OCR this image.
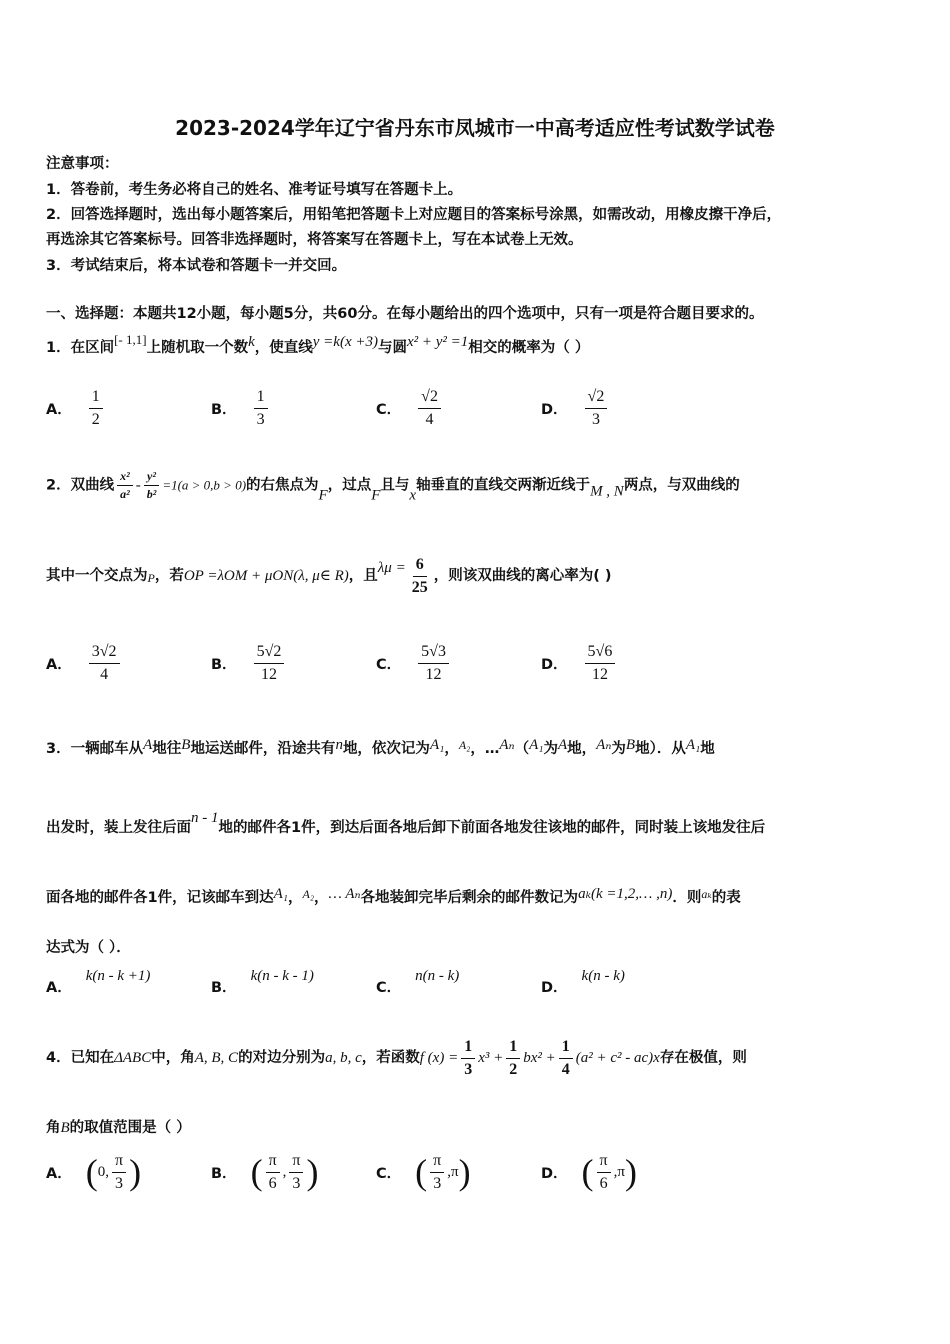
2023-2024学年辽宁省丹东市凤城市一中高考适应性考试数学试卷
注意事项：
1．答卷前，考生务必将自己的姓名、准考证号填写在答题卡上。
2．回答选择题时，选出每小题答案后，用铅笔把答题卡上对应题目的答案标号涂黑，如需改动，用橡皮擦干净后，
再选涂其它答案标号。回答非选择题时，将答案写在答题卡上，写在本试卷上无效。
3．考试结束后，将本试卷和答题卡一并交回。
一、选择题：本题共12小题，每小题5分，共60分。在每小题给出的四个选项中，只有一项是符合题目要求的。
1．在区间[- 1,1]上随机取一个数k，使直线y =k(x +3)与圆x² + y² =1相交的概率为（ ）
A． $\frac{1}{2}$	B． $\frac{1}{3}$	C． $\frac{√2}{4}$	D． $\frac{√2}{3}$
2．双曲线 $\frac{\text{x²}}{\text{a²}} - \frac{\text{y²}}{\text{b²}} =1(a > 0,b > 0)$的右焦点为F，过点F且与x轴垂直的直线交两渐近线于M , N两点，与双曲线的
其中一个交点为P，若OP =λOM + μON(λ, μ∈ R)，且$\lambda\mu = \frac{6}{25}$ ，则该双曲线的离心率为( )
A． $\frac{3√2}{4}$	B． $\frac{5√2}{12}$	C． $\frac{5√3}{12}$	D． $\frac{5√6}{12}$
3．一辆邮车从A地往B地运送邮件，沿途共有n地，依次记为A₁，$^{A_2}$，…Aₙ（A₁为A地，Aₙ为B地）．从A₁地
出发时，装上发往后面n - 1地的邮件各1件，到达后面各地后卸下前面各地发往该地的邮件，同时装上该地发往后
面各地的邮件各1件，记该邮车到达A₁，$^{A_2}$，… Aₙ各地装卸完毕后剩余的邮件数记为aₖ(k =1,2,… ,n)．则$^{a_k}$的表
达式为（ ）．
A．k(n - k +1)
B．k(n - k - 1)
C．n(n - k)
D．k(n - k)
4．已知在ΔABC中，角A, B, C的对边分别为a, b, c，若函数f $(x) = \frac{1}{3} x^3 + \frac{1}{2} bx^2 + \frac{1}{4} (a^2 + c^2 - ac)x$存在极值，则
角B的取值范围是（ ）
A． (0, $\frac{\pi}{3}$ )	B． ( $\frac{\pi}{6}$ , $\frac{\pi}{3}$ )	C． ( $\frac{\pi}{3} ,\pi$)	D． ( $\frac{\pi}{6} ,\pi$)
